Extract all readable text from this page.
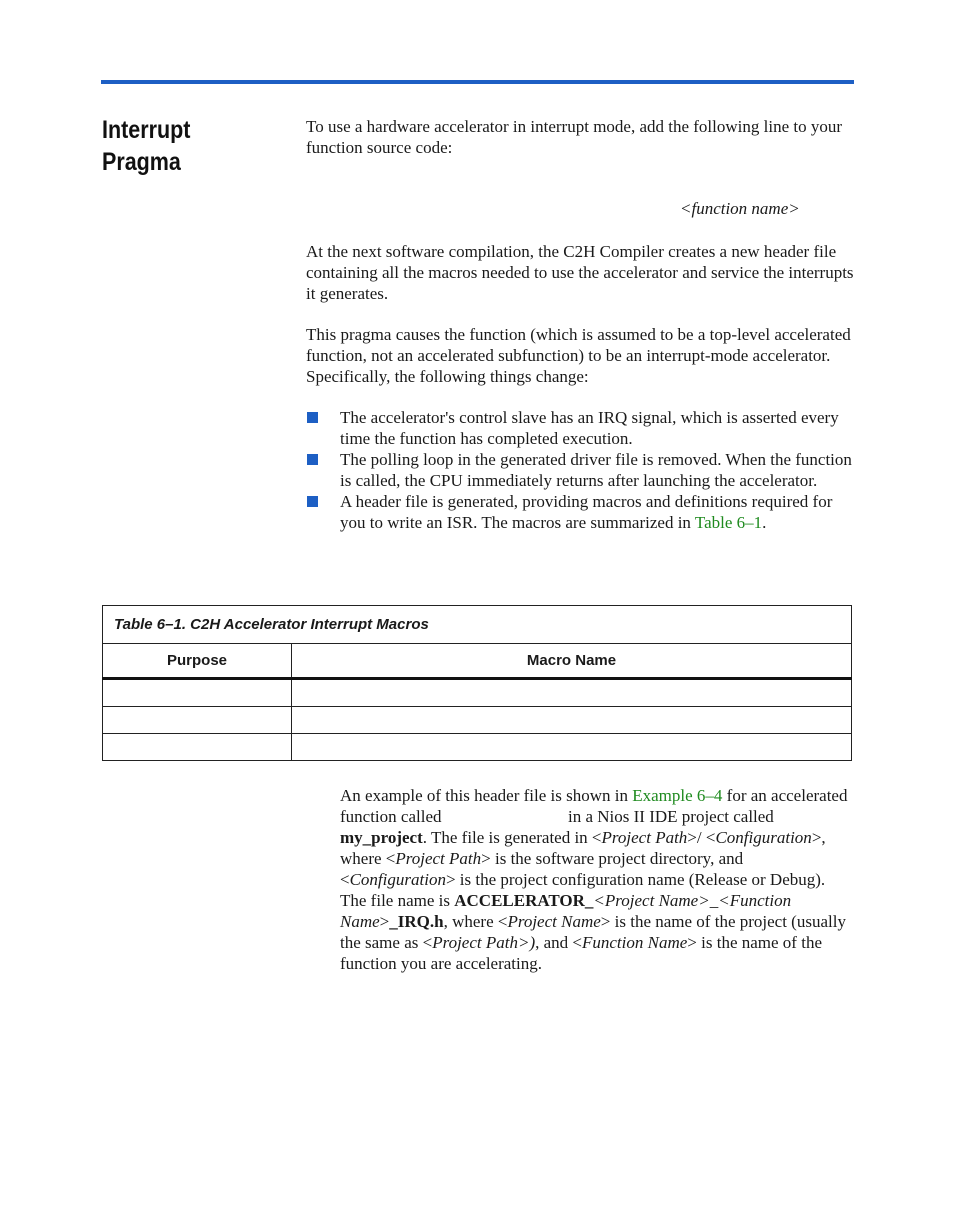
Interrupt Pragma

To use a hardware accelerator in interrupt mode, add the following line to your function source code:

<function name>

At the next software compilation, the C2H Compiler creates a new header file containing all the macros needed to use the accelerator and service the interrupts it generates.

This pragma causes the function (which is assumed to be a top-level accelerated function, not an accelerated subfunction) to be an interrupt-mode accelerator. Specifically, the following things change:

The accelerator's control slave has an IRQ signal, which is asserted every time the function has completed execution.
The polling loop in the generated driver file is removed. When the function is called, the CPU immediately returns after launching the accelerator.
A header file is generated, providing macros and definitions required for you to write an ISR. The macros are summarized in Table 6–1.
Table 6–1. C2H Accelerator Interrupt Macros	
Purpose	Macro Name

An example of this header file is shown in Example 6–4 for an accelerated function called	in a Nios II IDE project called my_project. The file is generated in <Project Path>/ <Configuration>, where <Project Path> is the software project directory, and <Configuration> is the project configuration name (Release or Debug). The file name is ACCELERATOR_<Project Name>_<Function Name>_IRQ.h, where <Project Name> is the name of the project (usually the same as <Project Path>), and <Function Name> is the name of the function you are accelerating.
